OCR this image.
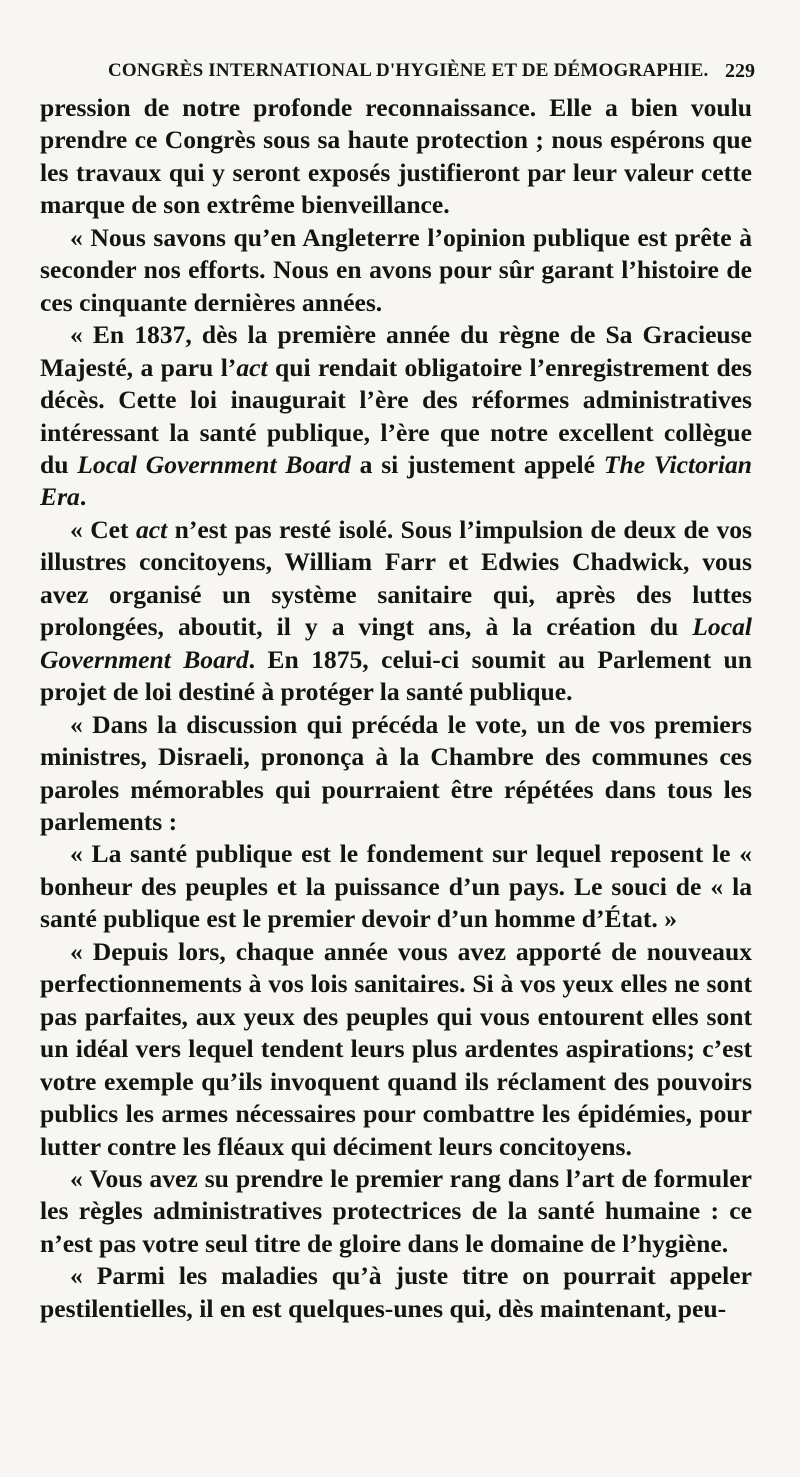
CONGRÈS INTERNATIONAL D'HYGIÈNE ET DE DÉMOGRAPHIE. 229

pression de notre profonde reconnaissance. Elle a bien voulu prendre ce Congrès sous sa haute protection ; nous espérons que les travaux qui y seront exposés justifieront par leur valeur cette marque de son extrême bienveillance.

« Nous savons qu’en Angleterre l’opinion publique est prête à seconder nos efforts. Nous en avons pour sûr garant l’histoire de ces cinquante dernières années.

« En 1837, dès la première année du règne de Sa Gracieuse Majesté, a paru l’act qui rendait obligatoire l’enregistrement des décès. Cette loi inaugurait l’ère des réformes administratives intéressant la santé publique, l’ère que notre excellent collègue du Local Government Board a si justement appelé The Victorian Era.

« Cet act n’est pas resté isolé. Sous l’impulsion de deux de vos illustres concitoyens, William Farr et Edwies Chadwick, vous avez organisé un système sanitaire qui, après des luttes prolongées, aboutit, il y a vingt ans, à la création du Local Government Board. En 1875, celui-ci soumit au Parlement un projet de loi destiné à protéger la santé publique.

« Dans la discussion qui précéda le vote, un de vos premiers ministres, Disraeli, prononça à la Chambre des communes ces paroles mémorables qui pourraient être répétées dans tous les parlements :

« La santé publique est le fondement sur lequel reposent le « bonheur des peuples et la puissance d’un pays. Le souci de « la santé publique est le premier devoir d’un homme d’État. »

« Depuis lors, chaque année vous avez apporté de nouveaux perfectionnements à vos lois sanitaires. Si à vos yeux elles ne sont pas parfaites, aux yeux des peuples qui vous entourent elles sont un idéal vers lequel tendent leurs plus ardentes aspirations; c’est votre exemple qu’ils invoquent quand ils réclament des pouvoirs publics les armes nécessaires pour combattre les épidémies, pour lutter contre les fléaux qui déciment leurs concitoyens.

« Vous avez su prendre le premier rang dans l’art de formuler les règles administratives protectrices de la santé humaine : ce n’est pas votre seul titre de gloire dans le domaine de l’hygiène.

« Parmi les maladies qu’à juste titre on pourrait appeler pestilentielles, il en est quelques-unes qui, dès maintenant, peu-
